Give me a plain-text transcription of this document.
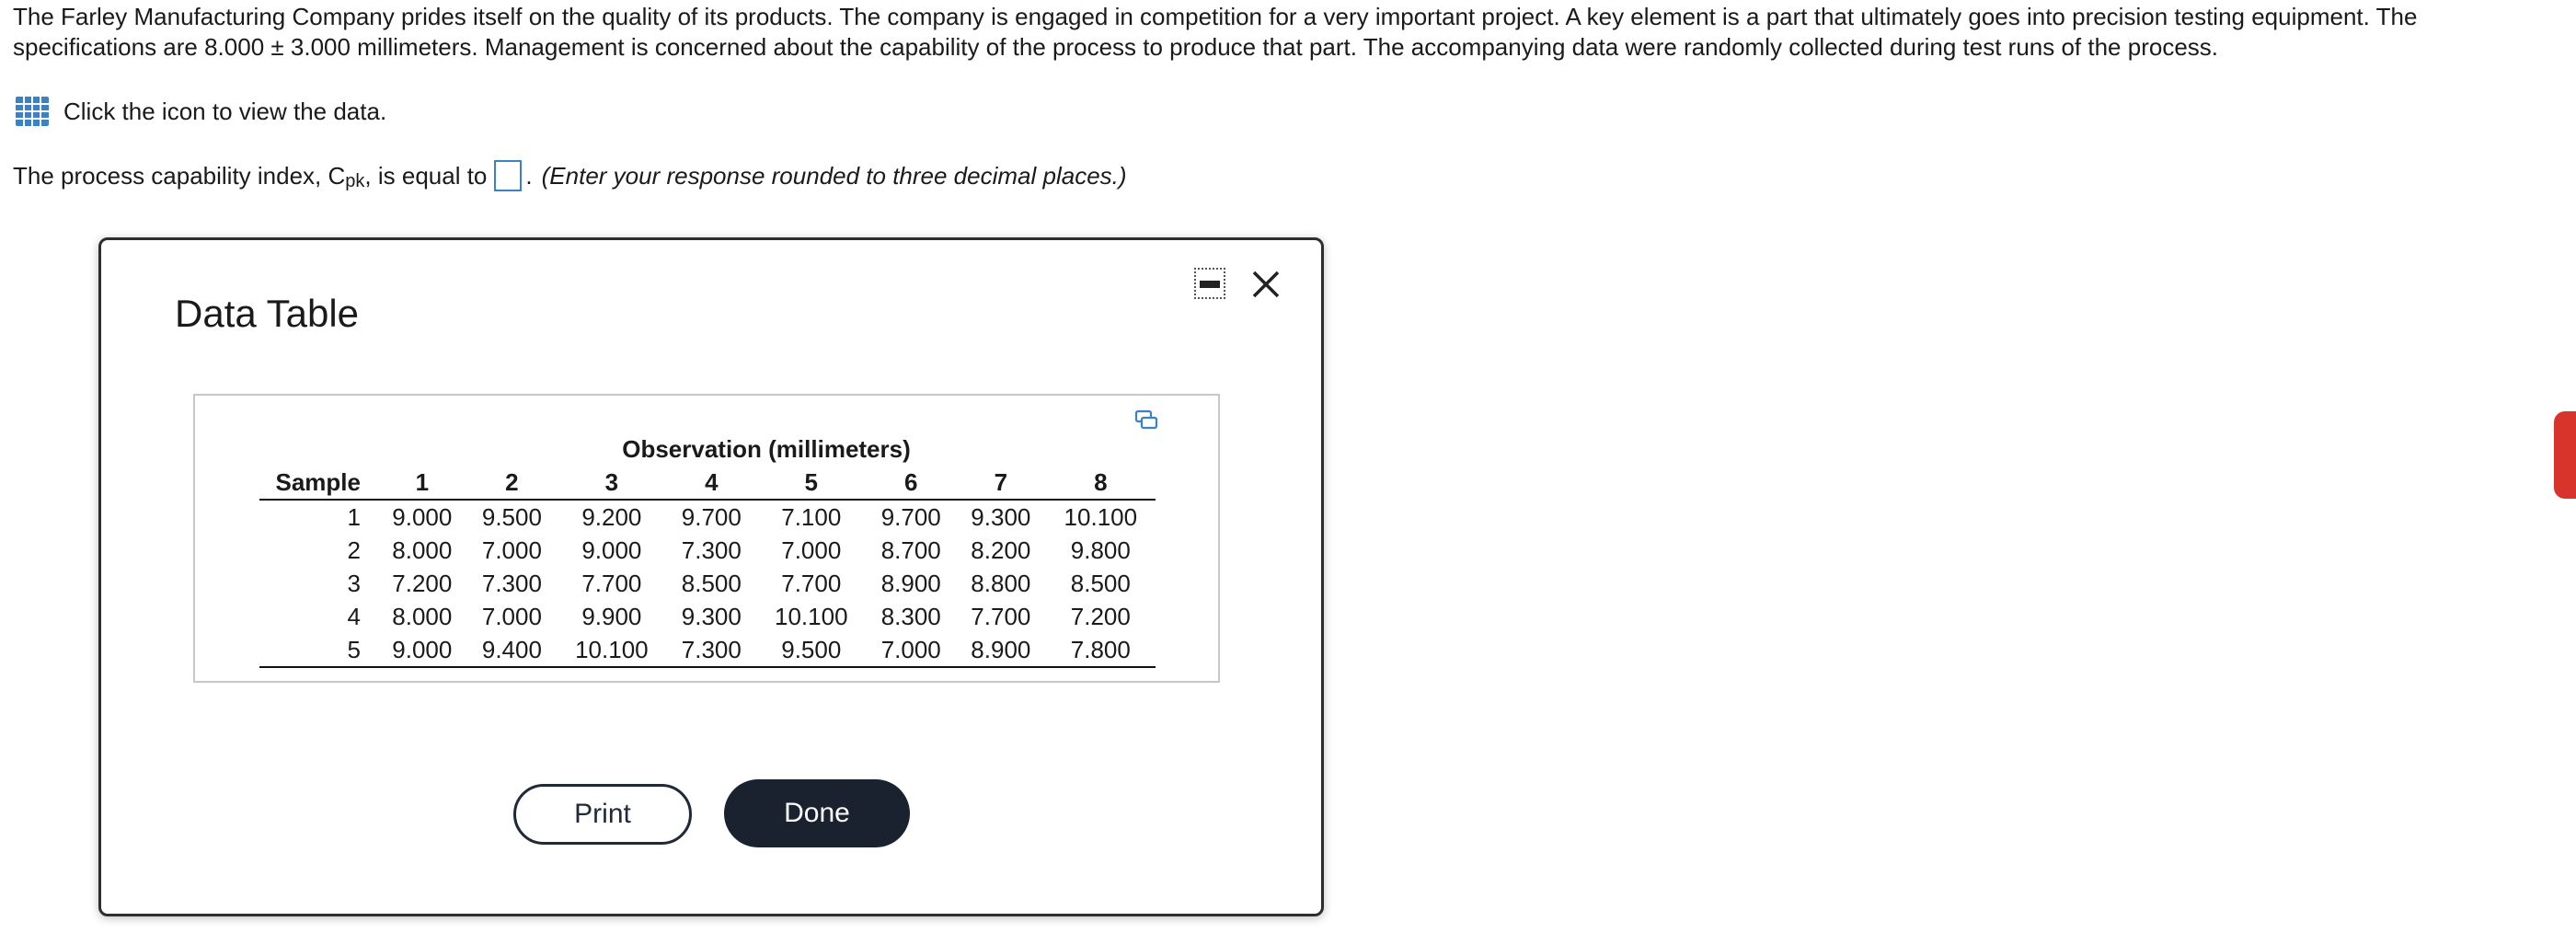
The Farley Manufacturing Company prides itself on the quality of its products. The company is engaged in competition for a very important project. A key element is a part that ultimately goes into precision testing equipment. The specifications are 8.000 ± 3.000 millimeters. Management is concerned about the capability of the process to produce that part. The accompanying data were randomly collected during test runs of the process.

Click the icon to view the data.
The process capability index, $C_{pk}$ , is equal to . (Enter your response rounded to three decimal places.)
Data Table
	Observation (millimeters)							
Sample	1	2	3	4	5	6	7	8
1	9.000	9.500	9.200	9.700	7.100	9.700	9.300	10.100
2	8.000	7.000	9.000	7.300	7.000	8.700	8.200	9.800
3	7.200	7.300	7.700	8.500	7.700	8.900	8.800	8.500
4	8.000	7.000	9.900	9.300	10.100	8.300	7.700	7.200
5	9.000	9.400	10.100	7.300	9.500	7.000	8.900	7.800
Print	Done
